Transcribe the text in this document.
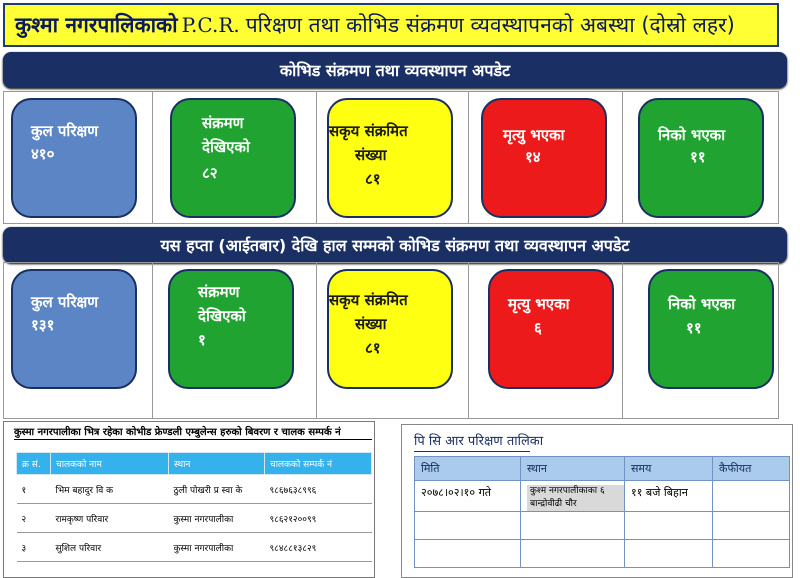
कुश्मा नगरपालिकाको P.C.R. परिक्षण तथा कोभिड संक्रमण व्यवस्थापनको अबस्था (दोस्रो लहर)
कोभिड संक्रमण तथा व्यवस्थापन अपडेट
कुल परिक्षण
४१०
संक्रमण
देखिएको
८२
सकृय संक्रमित
संख्या
८१
मृत्यु भएका
१४
निको भएका
११
यस हप्ता (आईतबार) देखि हाल सम्मको कोभिड संक्रमण तथा व्यवस्थापन अपडेट
कुल परिक्षण
१३१
संक्रमण
देखिएको
१
सकृय संक्रमित
संख्या
८१
मृत्यु भएका
६
निको भएका
११
कुस्मा नगरपालीका भित्र रहेका कोभीड फ्रेण्डली एम्बुलेन्स हरुको बिवरण र चालक सम्पर्क नं
क्र सं.	चालकको नाम	स्थान	चालकको सम्पर्क नं
१	भिम बहादुर वि क	ठुली पोखरी प्र स्वा के	९८६७६३८९९६
२	रामकृष्ण परिवार	कुस्मा नगरपालीका	९८६२१२००९९
३	सुशिल परिवार	कुस्मा नगरपालीका	९८४८८१३८२९
पि सि आर परिक्षण तालिका
मिति	स्थान	समय	कैफीयत
२०७८।०२।१० गते	कुश्म नगरपालीकाका ६ बान्द्रोवीढी चौर	११ बजे बिहान	
